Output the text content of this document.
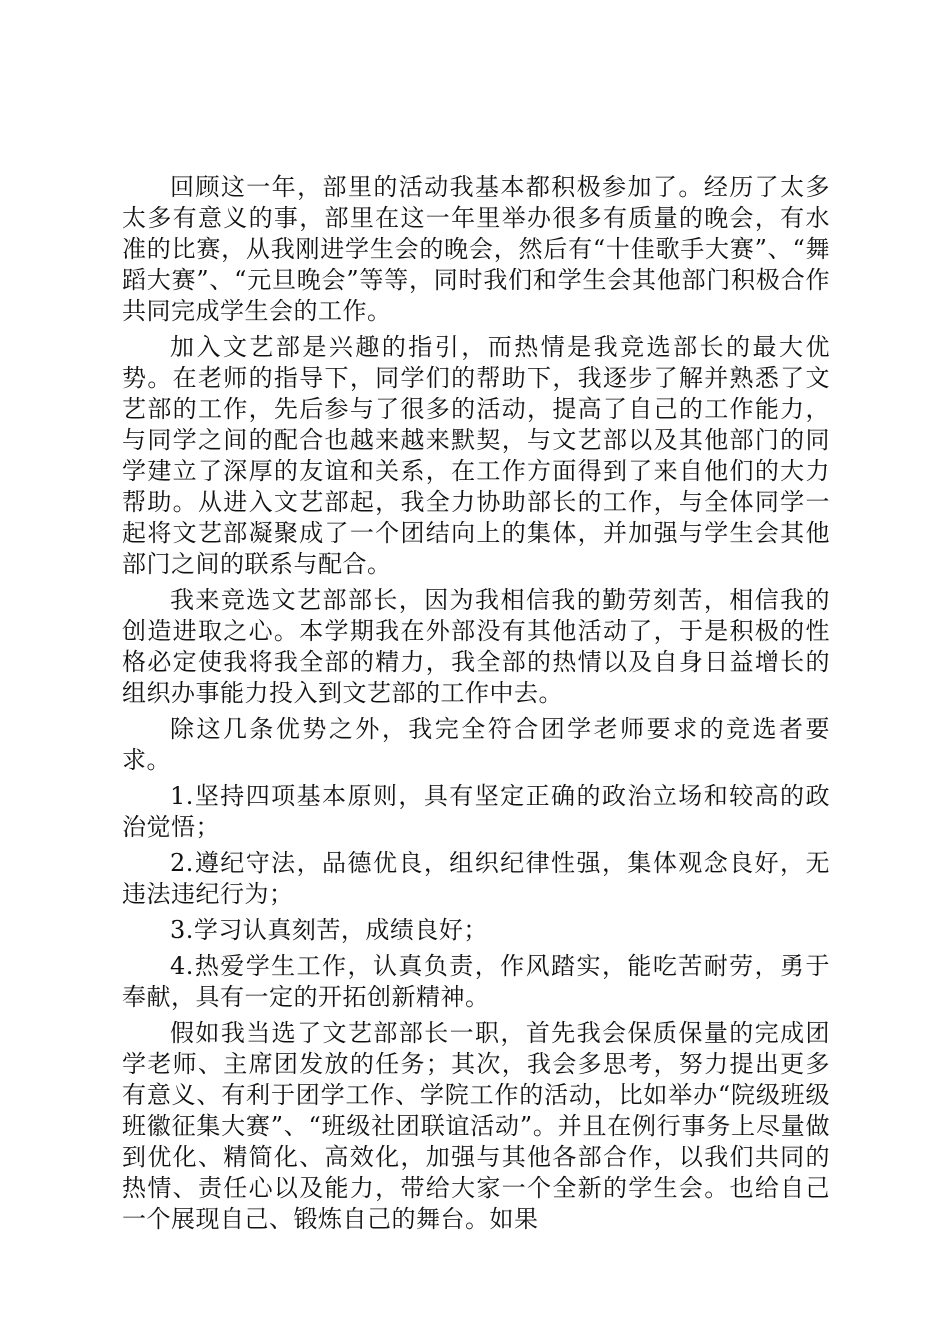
回顾这一年，部里的活动我基本都积极参加了。经历了太多太多有意义的事，部里在这一年里举办很多有质量的晚会，有水准的比赛，从我刚进学生会的晚会，然后有“十佳歌手大赛”、“舞蹈大赛”、“元旦晚会”等等，同时我们和学生会其他部门积极合作共同完成学生会的工作。

加入文艺部是兴趣的指引，而热情是我竞选部长的最大优势。在老师的指导下，同学们的帮助下，我逐步了解并熟悉了文艺部的工作，先后参与了很多的活动，提高了自己的工作能力，与同学之间的配合也越来越来默契，与文艺部以及其他部门的同学建立了深厚的友谊和关系，在工作方面得到了来自他们的大力帮助。从进入文艺部起，我全力协助部长的工作，与全体同学一起将文艺部凝聚成了一个团结向上的集体，并加强与学生会其他部门之间的联系与配合。

我来竞选文艺部部长，因为我相信我的勤劳刻苦，相信我的创造进取之心。本学期我在外部没有其他活动了，于是积极的性格必定使我将我全部的精力，我全部的热情以及自身日益增长的组织办事能力投入到文艺部的工作中去。

除这几条优势之外，我完全符合团学老师要求的竞选者要求。

1.坚持四项基本原则，具有坚定正确的政治立场和较高的政治觉悟；

2.遵纪守法，品德优良，组织纪律性强，集体观念良好，无违法违纪行为；

3.学习认真刻苦，成绩良好；

4.热爱学生工作，认真负责，作风踏实，能吃苦耐劳，勇于奉献，具有一定的开拓创新精神。

假如我当选了文艺部部长一职，首先我会保质保量的完成团学老师、主席团发放的任务；其次，我会多思考，努力提出更多有意义、有利于团学工作、学院工作的活动，比如举办“院级班级班徽征集大赛”、“班级社团联谊活动”。并且在例行事务上尽量做到优化、精简化、高效化，加强与其他各部合作，以我们共同的热情、责任心以及能力，带给大家一个全新的学生会。也给自己一个展现自己、锻炼自己的舞台。如果
